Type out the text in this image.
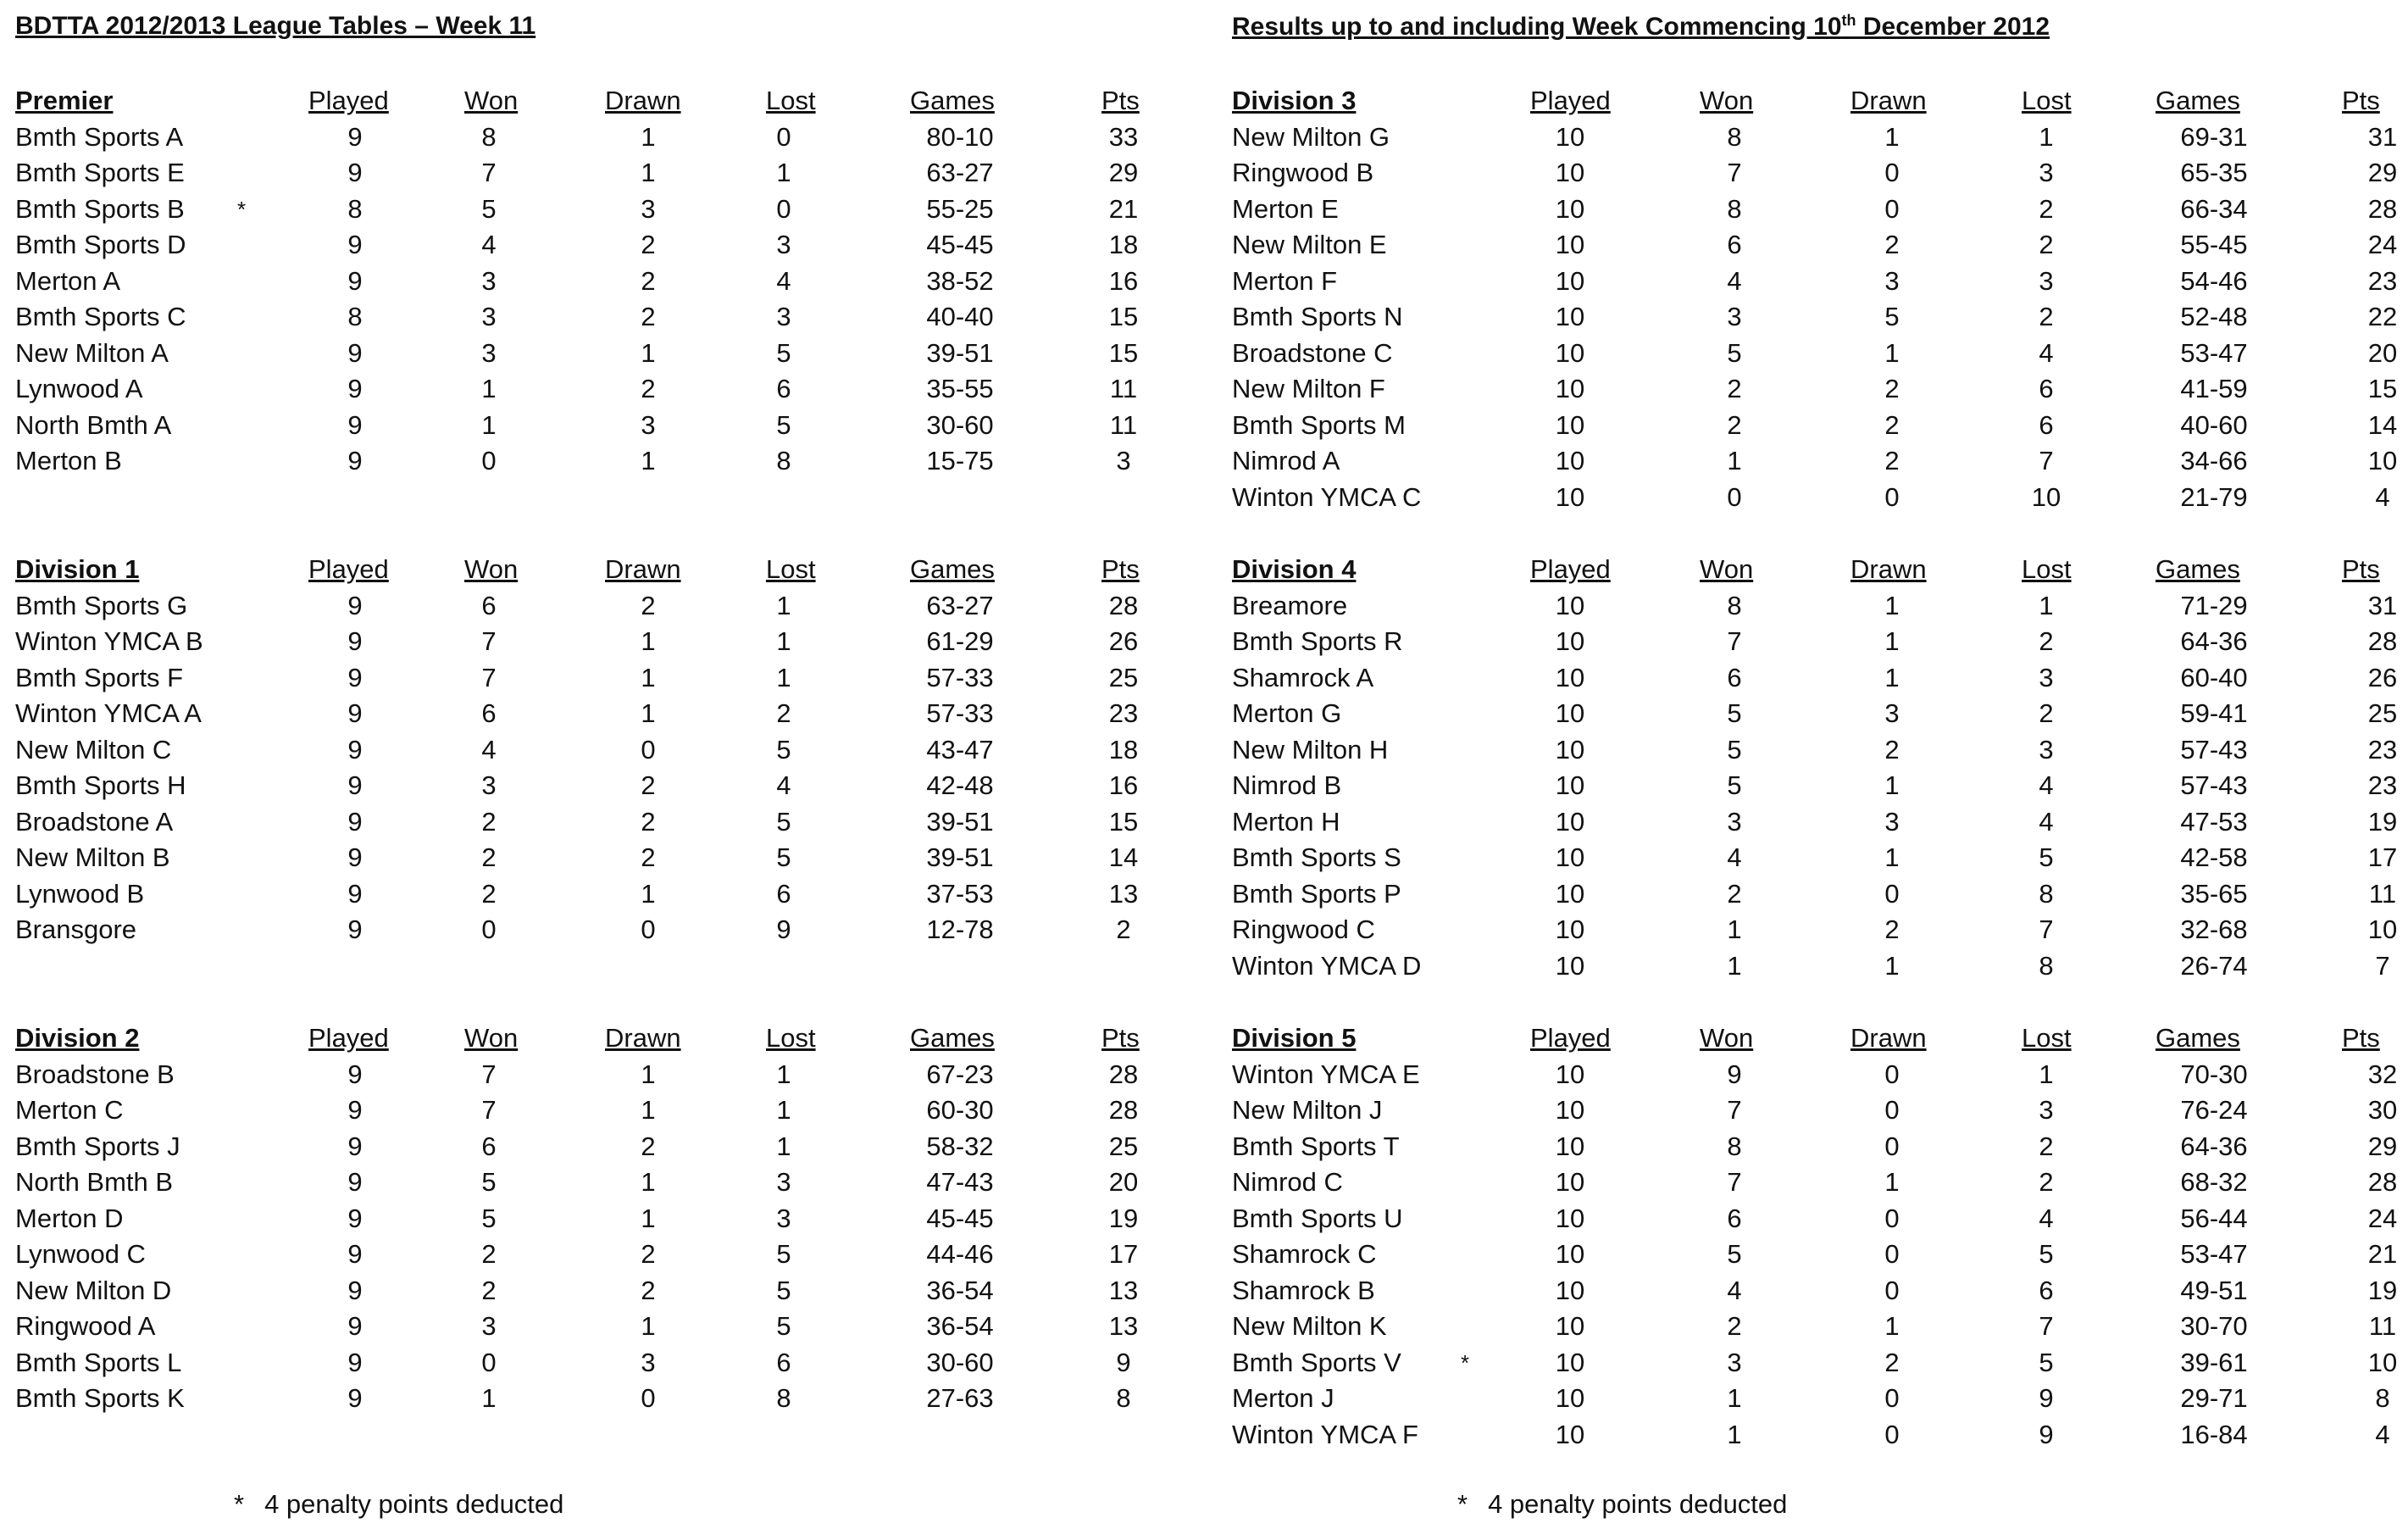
BDTTA 2012/2013 League Tables – Week 11	Results up to and including Week Commencing 10th December 2012
Premier	Played	Won	Drawn	Lost	Games	Pts
Bmth Sports A	9	8	1	0	80-10	33
Bmth Sports E	9	7	1	1	63-27	29
Bmth Sports B *	8	5	3	0	55-25	21
Bmth Sports D	9	4	2	3	45-45	18
Merton A	9	3	2	4	38-52	16
Bmth Sports C	8	3	2	3	40-40	15
New Milton A	9	3	1	5	39-51	15
Lynwood A	9	1	2	6	35-55	11
North Bmth A	9	1	3	5	30-60	11
Merton B	9	0	1	8	15-75	3
Division 1	Played	Won	Drawn	Lost	Games	Pts
Bmth Sports G	9	6	2	1	63-27	28
Winton YMCA B	9	7	1	1	61-29	26
Bmth Sports F	9	7	1	1	57-33	25
Winton YMCA A	9	6	1	2	57-33	23
New Milton C	9	4	0	5	43-47	18
Bmth Sports H	9	3	2	4	42-48	16
Broadstone A	9	2	2	5	39-51	15
New Milton B	9	2	2	5	39-51	14
Lynwood B	9	2	1	6	37-53	13
Bransgore	9	0	0	9	12-78	2
Division 2	Played	Won	Drawn	Lost	Games	Pts
Broadstone B	9	7	1	1	67-23	28
Merton C	9	7	1	1	60-30	28
Bmth Sports J	9	6	2	1	58-32	25
North Bmth B	9	5	1	3	47-43	20
Merton D	9	5	1	3	45-45	19
Lynwood C	9	2	2	5	44-46	17
New Milton D	9	2	2	5	36-54	13
Ringwood A	9	3	1	5	36-54	13
Bmth Sports L	9	0	3	6	30-60	9
Bmth Sports K	9	1	0	8	27-63	8
Division 3	Played	Won	Drawn	Lost	Games	Pts
New Milton G	10	8	1	1	69-31	31
Ringwood B	10	7	0	3	65-35	29
Merton E	10	8	0	2	66-34	28
New Milton E	10	6	2	2	55-45	24
Merton F	10	4	3	3	54-46	23
Bmth Sports N	10	3	5	2	52-48	22
Broadstone C	10	5	1	4	53-47	20
New Milton F	10	2	2	6	41-59	15
Bmth Sports M	10	2	2	6	40-60	14
Nimrod A	10	1	2	7	34-66	10
Winton YMCA C	10	0	0	10	21-79	4
Division 4	Played	Won	Drawn	Lost	Games	Pts
Breamore	10	8	1	1	71-29	31
Bmth Sports R	10	7	1	2	64-36	28
Shamrock A	10	6	1	3	60-40	26
Merton G	10	5	3	2	59-41	25
New Milton H	10	5	2	3	57-43	23
Nimrod B	10	5	1	4	57-43	23
Merton H	10	3	3	4	47-53	19
Bmth Sports S	10	4	1	5	42-58	17
Bmth Sports P	10	2	0	8	35-65	11
Ringwood C	10	1	2	7	32-68	10
Winton YMCA D	10	1	1	8	26-74	7
Division 5	Played	Won	Drawn	Lost	Games	Pts
Winton YMCA E	10	9	0	1	70-30	32
New Milton J	10	7	0	3	76-24	30
Bmth Sports T	10	8	0	2	64-36	29
Nimrod C	10	7	1	2	68-32	28
Bmth Sports U	10	6	0	4	56-44	24
Shamrock C	10	5	0	5	53-47	21
Shamrock B	10	4	0	6	49-51	19
New Milton K	10	2	1	7	30-70	11
Bmth Sports V	*	10	3	2	5	39-61	10
Merton J	10	1	0	9	29-71	8
Winton YMCA F	10	1	0	9	16-84	4
* 4 penalty points deducted	* 4 penalty points deducted
